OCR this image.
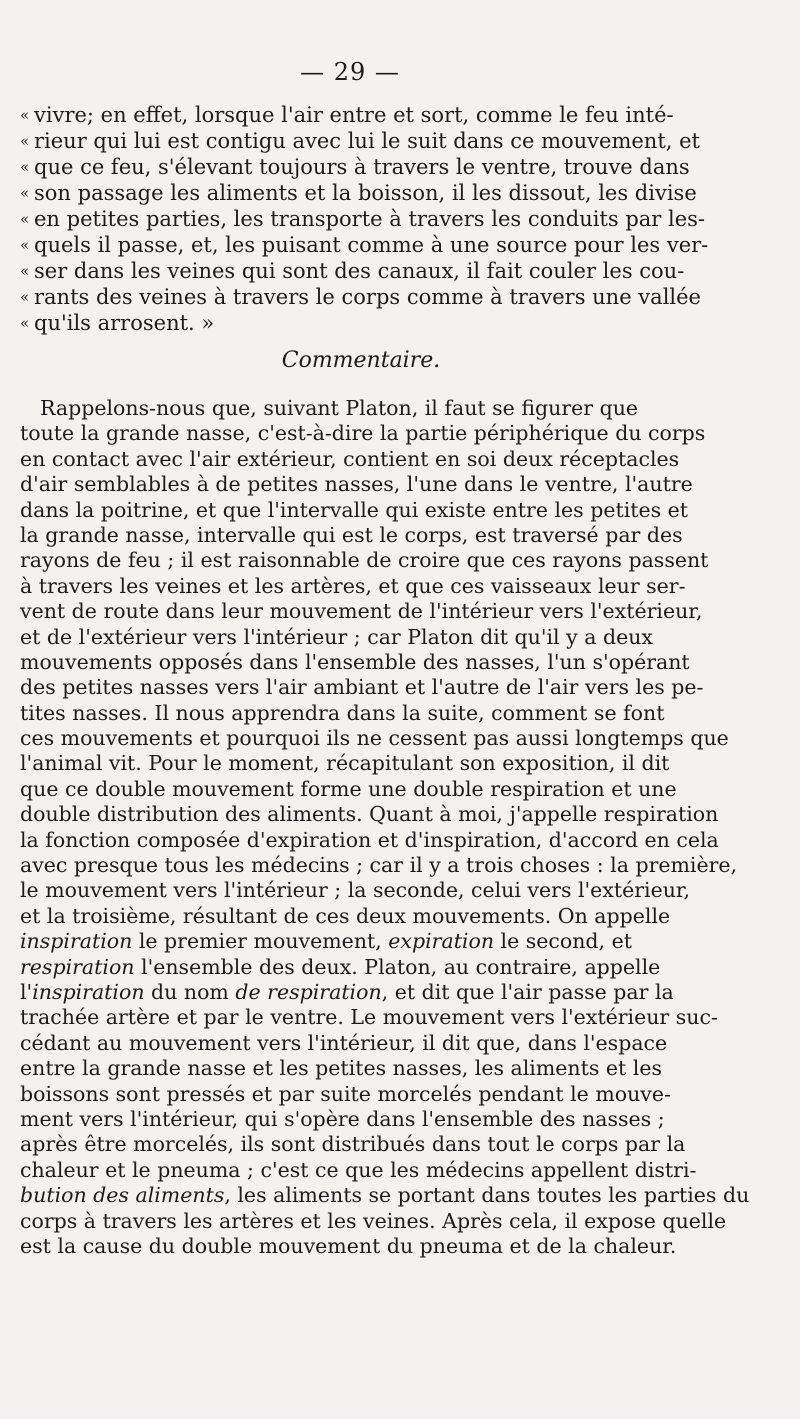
— 29 —
« vivre; en effet, lorsque l'air entre et sort, comme le feu inté-
« rieur qui lui est contigu avec lui le suit dans ce mouvement, et
« que ce feu, s'élevant toujours à travers le ventre, trouve dans
« son passage les aliments et la boisson, il les dissout, les divise
« en petites parties, les transporte à travers les conduits par les-
« quels il passe, et, les puisant comme à une source pour les ver-
« ser dans les veines qui sont des canaux, il fait couler les cou-
« rants des veines à travers le corps comme à travers une vallée
« qu'ils arrosent. »
Commentaire.
Rappelons-nous que, suivant Platon, il faut se figurer que
toute la grande nasse, c'est-à-dire la partie périphérique du corps
en contact avec l'air extérieur, contient en soi deux réceptacles
d'air semblables à de petites nasses, l'une dans le ventre, l'autre
dans la poitrine, et que l'intervalle qui existe entre les petites et
la grande nasse, intervalle qui est le corps, est traversé par des
rayons de feu ; il est raisonnable de croire que ces rayons passent
à travers les veines et les artères, et que ces vaisseaux leur ser-
vent de route dans leur mouvement de l'intérieur vers l'extérieur,
et de l'extérieur vers l'intérieur ; car Platon dit qu'il y a deux
mouvements opposés dans l'ensemble des nasses, l'un s'opérant
des petites nasses vers l'air ambiant et l'autre de l'air vers les pe-
tites nasses. Il nous apprendra dans la suite, comment se font
ces mouvements et pourquoi ils ne cessent pas aussi longtemps que
l'animal vit. Pour le moment, récapitulant son exposition, il dit
que ce double mouvement forme une double respiration et une
double distribution des aliments. Quant à moi, j'appelle respiration
la fonction composée d'expiration et d'inspiration, d'accord en cela
avec presque tous les médecins ; car il y a trois choses : la première,
le mouvement vers l'intérieur ; la seconde, celui vers l'extérieur,
et la troisième, résultant de ces deux mouvements. On appelle
inspiration le premier mouvement, expiration le second, et
respiration l'ensemble des deux. Platon, au contraire, appelle
l'inspiration du nom de respiration, et dit que l'air passe par la
trachée artère et par le ventre. Le mouvement vers l'extérieur suc-
cédant au mouvement vers l'intérieur, il dit que, dans l'espace
entre la grande nasse et les petites nasses, les aliments et les
boissons sont pressés et par suite morcelés pendant le mouve-
ment vers l'intérieur, qui s'opère dans l'ensemble des nasses ;
après être morcelés, ils sont distribués dans tout le corps par la
chaleur et le pneuma ; c'est ce que les médecins appellent distri-
bution des aliments, les aliments se portant dans toutes les parties du
corps à travers les artères et les veines. Après cela, il expose quelle
est la cause du double mouvement du pneuma et de la chaleur.
